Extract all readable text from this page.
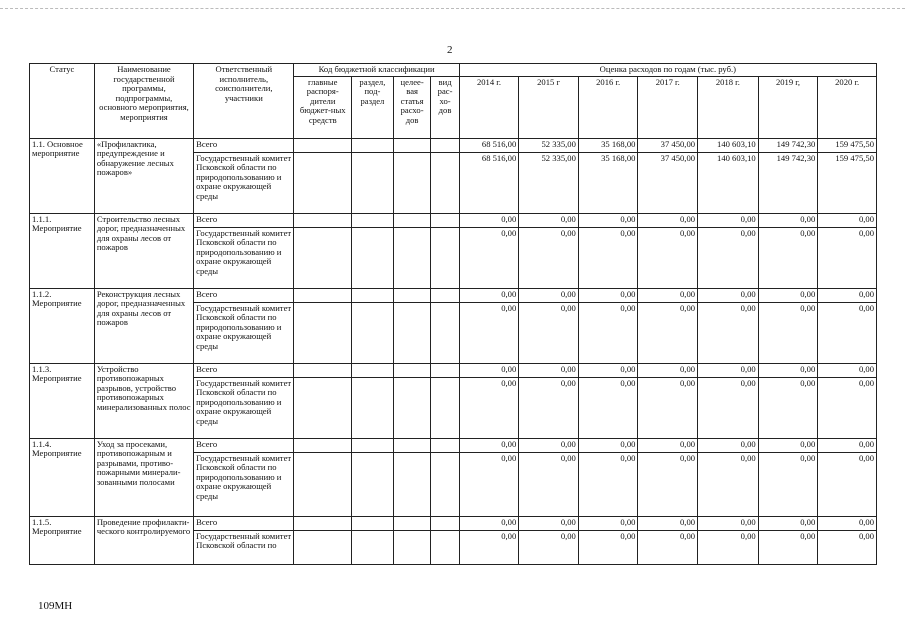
2
Статус	Наименование государственной программы, подпрограммы, основного мероприятия, мероприятия	Ответственный исполнитель, соисполнители, участники	Код бюджетной классификации				Оценка расходов по годам (тыс. руб.)						
			главные распоря-дители бюджет-ных средств	раздел, под-раздел	целее-вая статья расхо-дов	вид рас-хо-дов	2014 г.	2015 г	2016 г.	2017 г.	2018 г.	2019 г,	2020 г.
1.1. Основное мероприятие	«Профилактика, предупреждение и обнаружение лесных пожаров»	Всего					68 516,00	52 335,00	35 168,00	37 450,00	140 603,10	149 742,30	159 475,50
		Государственный комитет Псковской области по природопользованию и охране окружающей среды					68 516,00	52 335,00	35 168,00	37 450,00	140 603,10	149 742,30	159 475,50
1.1.1. Мероприятие	Строительство лесных дорог, предназначенных для охраны лесов от пожаров	Всего					0,00	0,00	0,00	0,00	0,00	0,00	0,00
		Государственный комитет Псковской области по природопользованию и охране окружающей среды					0,00	0,00	0,00	0,00	0,00	0,00	0,00
1.1.2. Мероприятие	Реконструкция лесных дорог, предназначенных для охраны лесов от пожаров	Всего					0,00	0,00	0,00	0,00	0,00	0,00	0,00
		Государственный комитет Псковской области по природопользованию и охране окружающей среды					0,00	0,00	0,00	0,00	0,00	0,00	0,00
1.1.3. Мероприятие	Устройство противопожарных разрывов, устройство противопожарных минерализованных полос	Всего					0,00	0,00	0,00	0,00	0,00	0,00	0,00
		Государственный комитет Псковской области по природопользованию и охране окружающей среды					0,00	0,00	0,00	0,00	0,00	0,00	0,00
1.1.4. Мероприятие	Уход за просеками, противопожарным и разрывами, противо-пожарными минерали-зованными полосами	Всего					0,00	0,00	0,00	0,00	0,00	0,00	0,00
		Государственный комитет Псковской области по природопользованию и охране окружающей среды					0,00	0,00	0,00	0,00	0,00	0,00	0,00
1.1.5. Мероприятие	Проведение профилакти-ческого контролируемого	Всего					0,00	0,00	0,00	0,00	0,00	0,00	0,00
		Государственный комитет Псковской области по					0,00	0,00	0,00	0,00	0,00	0,00	0,00
109МН
